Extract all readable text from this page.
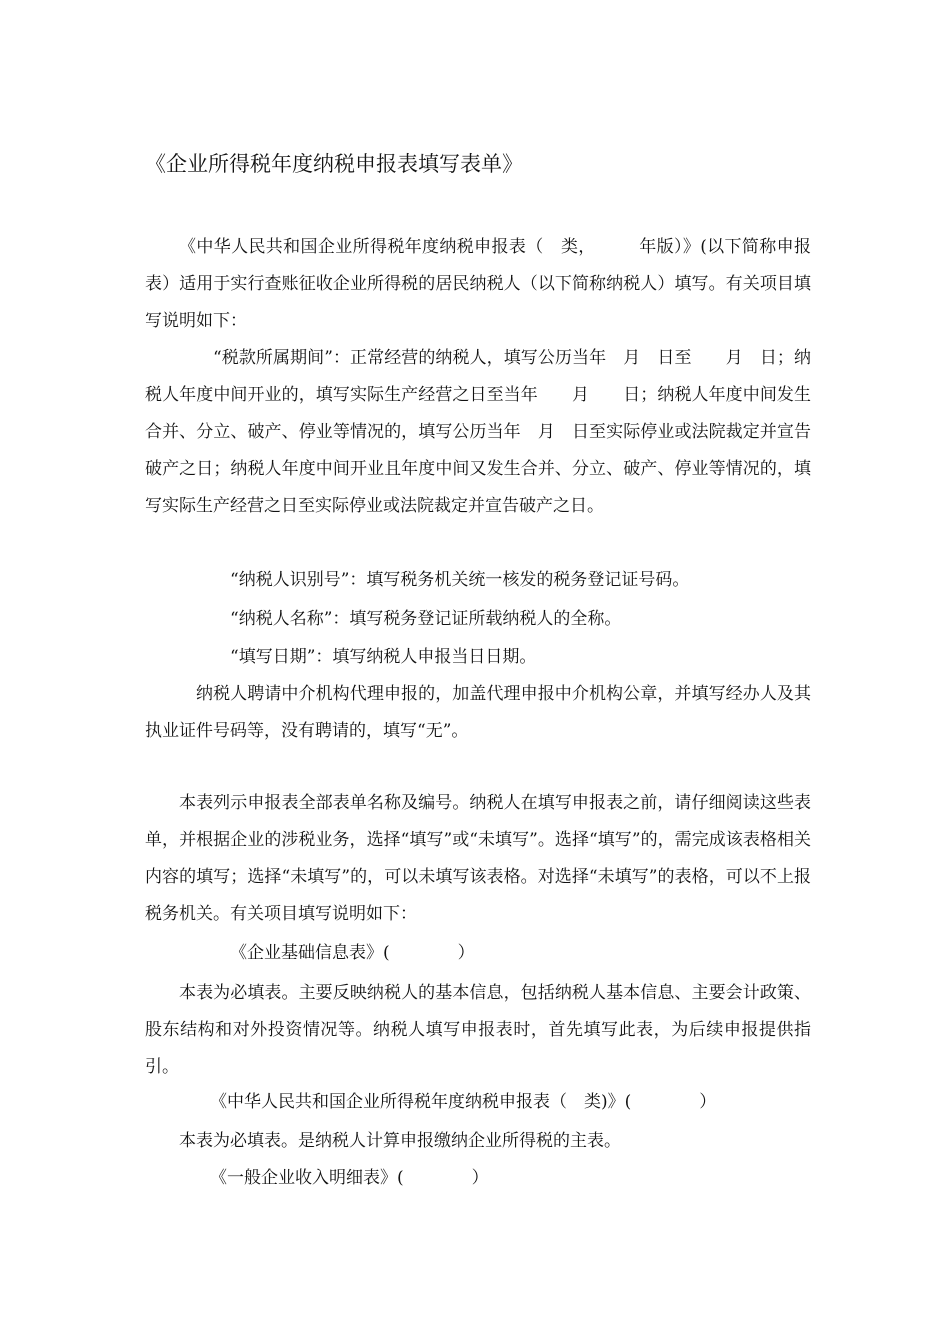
《企业所得税年度纳税申报表填写表单》
《中华人民共和国企业所得税年度纳税申报表（　类，　　　年版）》(以下简称申报表）适用于实行查账征收企业所得税的居民纳税人（以下简称纳税人）填写。有关项目填写说明如下：
“税款所属期间”：正常经营的纳税人，填写公历当年　月　日至　　月　日；纳税人年度中间开业的，填写实际生产经营之日至当年　　月　　日；纳税人年度中间发生合并、分立、破产、停业等情况的，填写公历当年　月　日至实际停业或法院裁定并宣告破产之日；纳税人年度中间开业且年度中间又发生合并、分立、破产、停业等情况的，填写实际生产经营之日至实际停业或法院裁定并宣告破产之日。
“纳税人识别号”：填写税务机关统一核发的税务登记证号码。
“纳税人名称”：填写税务登记证所载纳税人的全称。
“填写日期”：填写纳税人申报当日日期。
纳税人聘请中介机构代理申报的，加盖代理申报中介机构公章，并填写经办人及其执业证件号码等，没有聘请的，填写“无”。
本表列示申报表全部表单名称及编号。纳税人在填写申报表之前，请仔细阅读这些表单，并根据企业的涉税业务，选择“填写”或“未填写”。选择“填写”的，需完成该表格相关内容的填写；选择“未填写”的，可以未填写该表格。对选择“未填写”的表格，可以不上报税务机关。有关项目填写说明如下：
《企业基础信息表》(　　　　）
本表为必填表。主要反映纳税人的基本信息，包括纳税人基本信息、主要会计政策、股东结构和对外投资情况等。纳税人填写申报表时，首先填写此表，为后续申报提供指引。
《中华人民共和国企业所得税年度纳税申报表（　类)》(　　　　）
本表为必填表。是纳税人计算申报缴纳企业所得税的主表。
《一般企业收入明细表》(　　　　）
